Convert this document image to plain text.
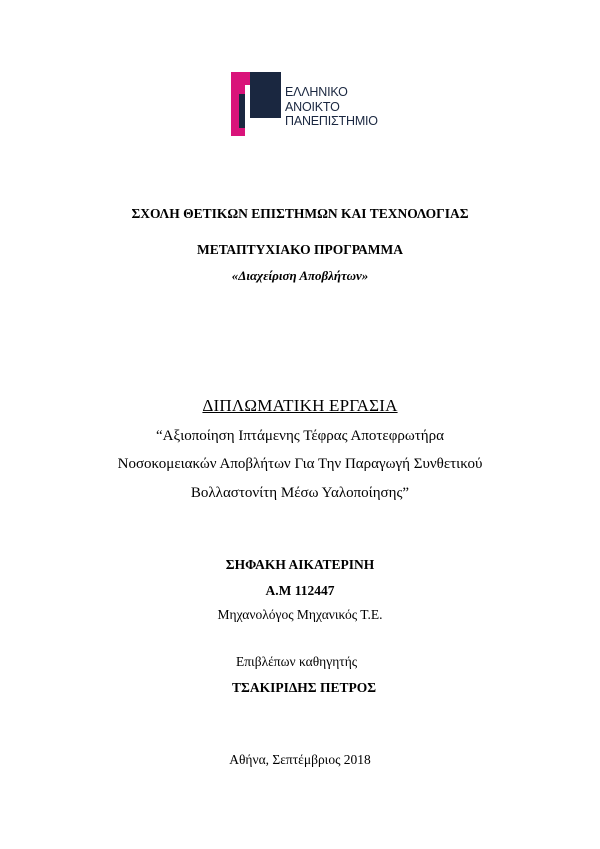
ΕΛΛΗΝΙΚΟ
ΑΝΟΙΚΤΟ
ΠΑΝΕΠΙΣΤΗΜΙΟ
ΣΧΟΛΗ ΘΕΤΙΚΩΝ ΕΠΙΣΤΗΜΩΝ ΚΑΙ ΤΕΧΝΟΛΟΓΙΑΣ
ΜΕΤΑΠΤΥΧΙΑΚΟ ΠΡΟΓΡΑΜΜΑ
«Διαχείριση Αποβλήτων»
ΔΙΠΛΩΜΑΤΙΚΗ ΕΡΓΑΣΙΑ
“Αξιοποίηση Ιπτάμενης Τέφρας Αποτεφρωτήρα
Νοσοκομειακών Αποβλήτων Για Την Παραγωγή Συνθετικού
Βολλαστονίτη Μέσω Υαλοποίησης”
ΣΗΦΑΚΗ ΑΙΚΑΤΕΡΙΝΗ
Α.Μ 112447
Μηχανολόγος Μηχανικός Τ.Ε.
Επιβλέπων καθηγητής
ΤΣΑΚΙΡΙΔΗΣ ΠΕΤΡΟΣ
Αθήνα, Σεπτέμβριος 2018
